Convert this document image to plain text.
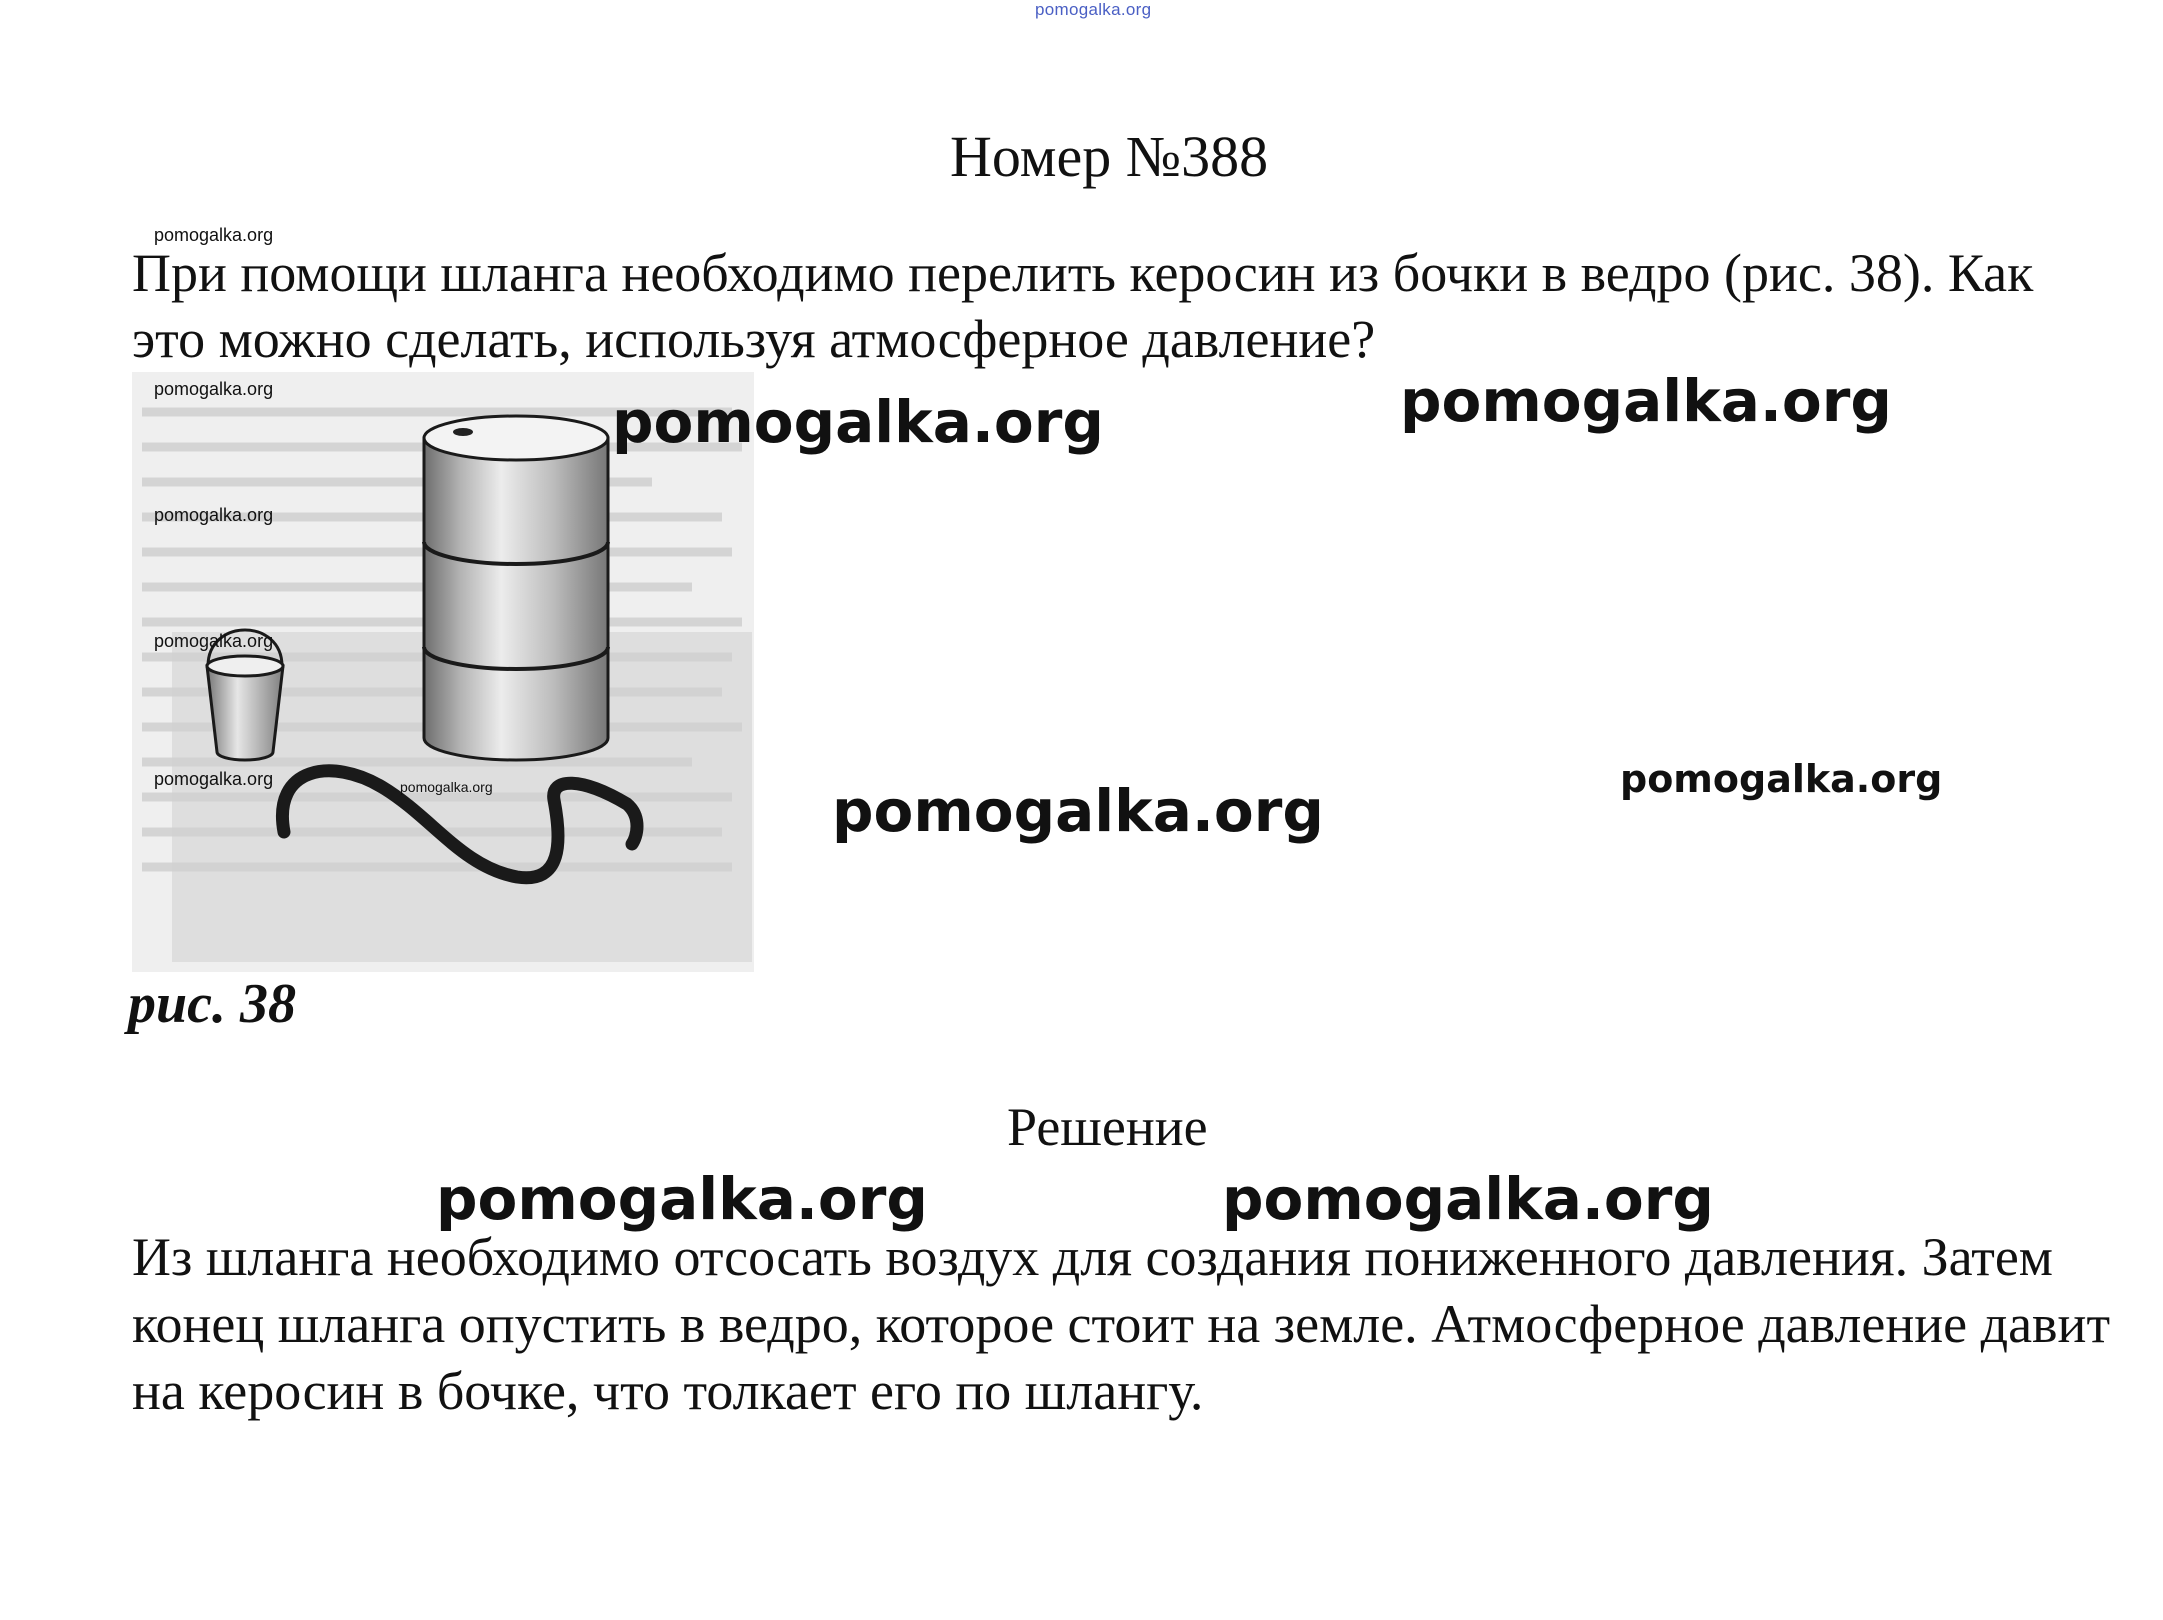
pomogalka.org
Номер №388
При помощи шланга необходимо перелить керосин из бочки в ведро (рис. 38). Как это можно сделать, используя атмосферное давление?
рис. 38
Решение
Из шланга необходимо отсосать воздух для создания пониженного давления. Затем конец шланга опустить в ведро, которое стоит на земле. Атмосферное давление давит на керосин в бочке, что толкает его по шлангу.
pomogalka.org
pomogalka.org
pomogalka.org
pomogalka.org
pomogalka.org	pomogalka.org
pomogalka.org	pomogalka.org
pomogalka.org	pomogalka.org
pomogalka.org	pomogalka.org
